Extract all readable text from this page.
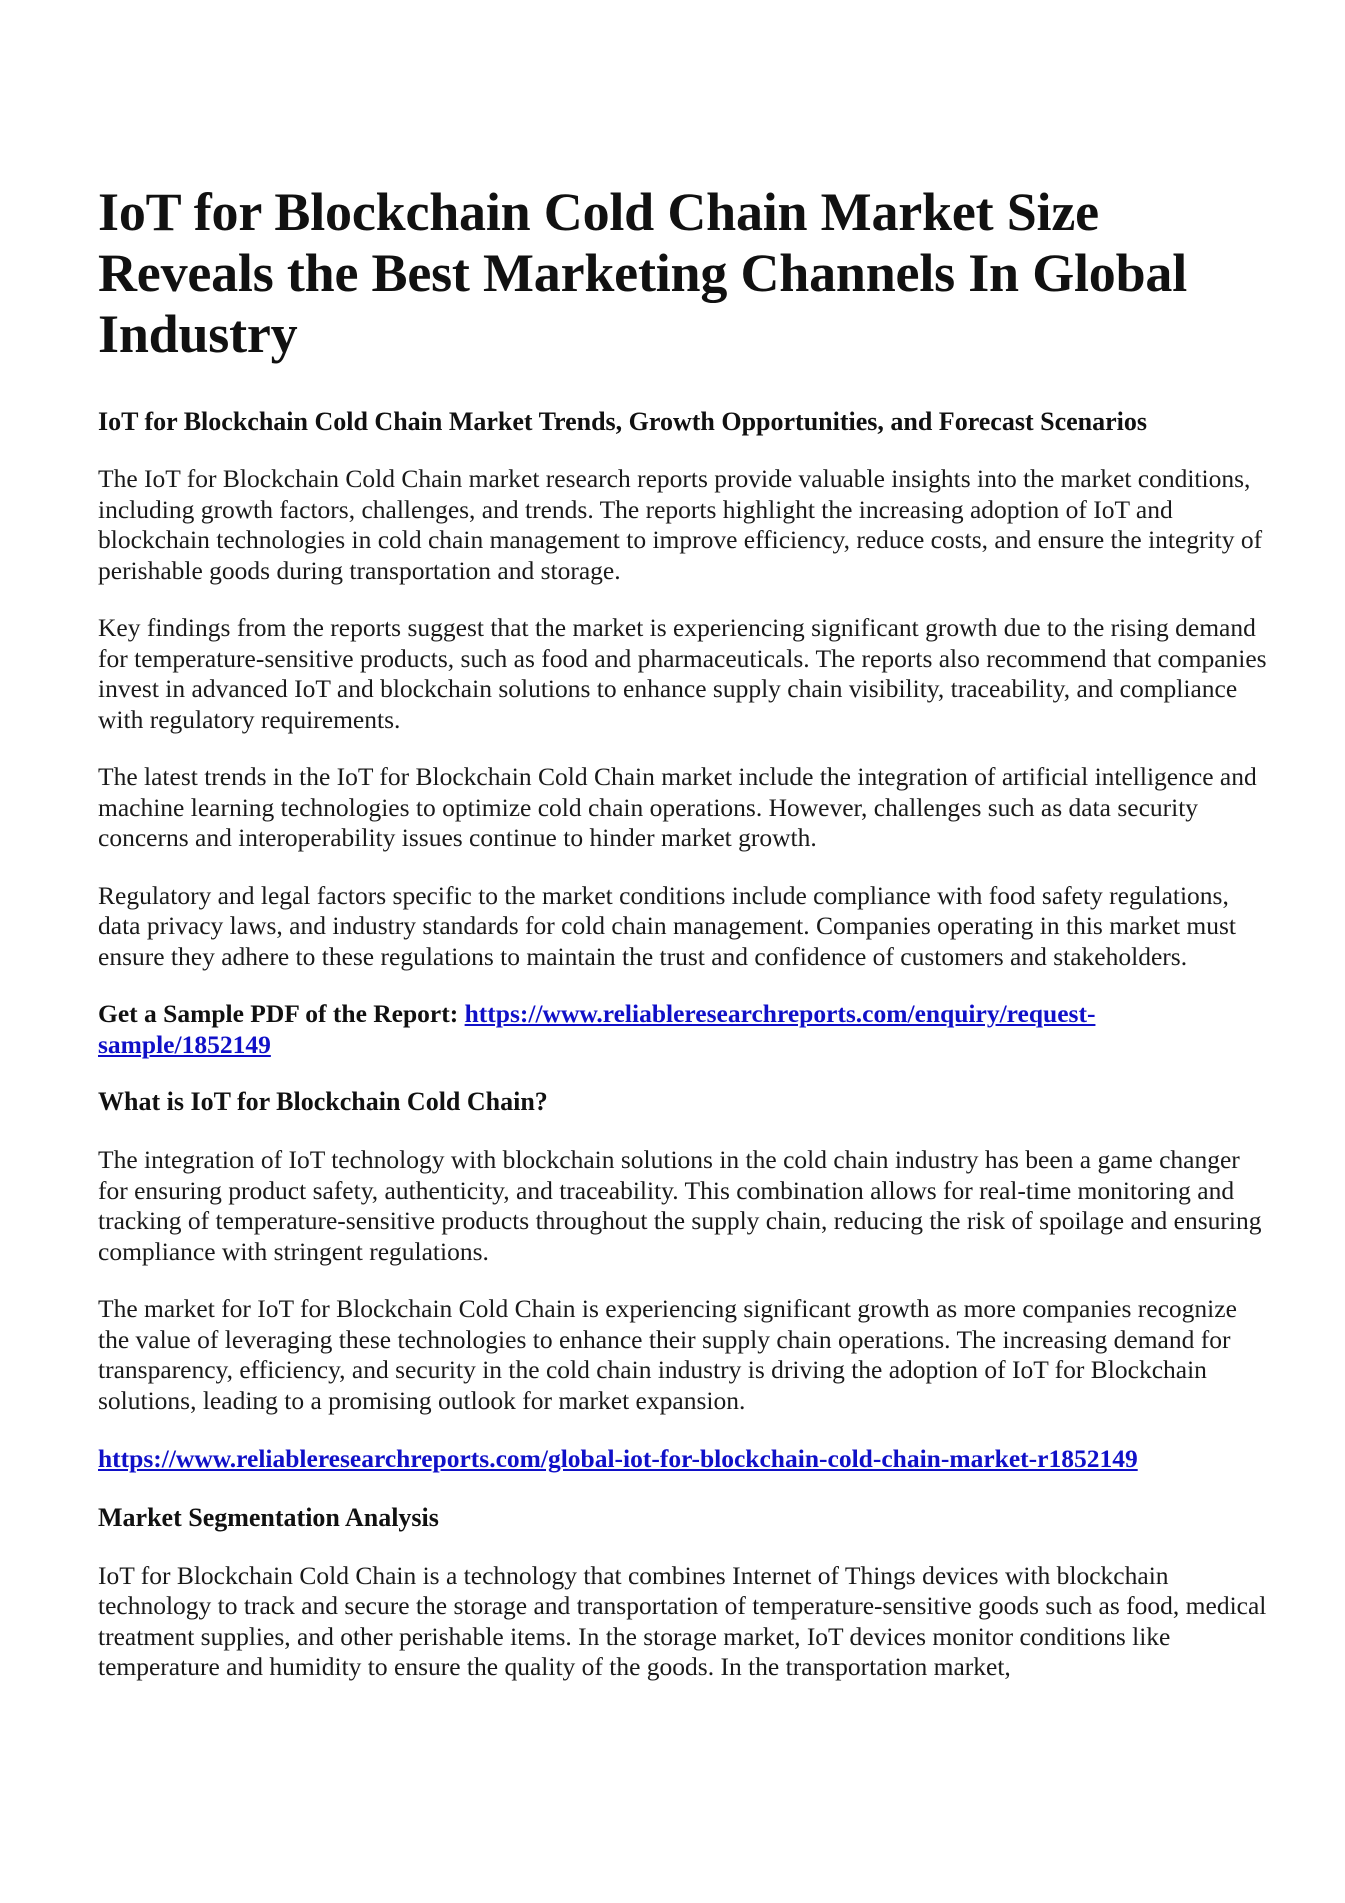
IoT for Blockchain Cold Chain Market Size Reveals the Best Marketing Channels In Global Industry
IoT for Blockchain Cold Chain Market Trends, Growth Opportunities, and Forecast Scenarios

The IoT for Blockchain Cold Chain market research reports provide valuable insights into the market conditions, including growth factors, challenges, and trends. The reports highlight the increasing adoption of IoT and blockchain technologies in cold chain management to improve efficiency, reduce costs, and ensure the integrity of perishable goods during transportation and storage.

Key findings from the reports suggest that the market is experiencing significant growth due to the rising demand for temperature-sensitive products, such as food and pharmaceuticals. The reports also recommend that companies invest in advanced IoT and blockchain solutions to enhance supply chain visibility, traceability, and compliance with regulatory requirements.

The latest trends in the IoT for Blockchain Cold Chain market include the integration of artificial intelligence and machine learning technologies to optimize cold chain operations. However, challenges such as data security concerns and interoperability issues continue to hinder market growth.

Regulatory and legal factors specific to the market conditions include compliance with food safety regulations, data privacy laws, and industry standards for cold chain management. Companies operating in this market must ensure they adhere to these regulations to maintain the trust and confidence of customers and stakeholders.

Get a Sample PDF of the Report: https://www.reliableresearchreports.com/enquiry/request-sample/1852149

What is IoT for Blockchain Cold Chain?

The integration of IoT technology with blockchain solutions in the cold chain industry has been a game changer for ensuring product safety, authenticity, and traceability. This combination allows for real-time monitoring and tracking of temperature-sensitive products throughout the supply chain, reducing the risk of spoilage and ensuring compliance with stringent regulations.

The market for IoT for Blockchain Cold Chain is experiencing significant growth as more companies recognize the value of leveraging these technologies to enhance their supply chain operations. The increasing demand for transparency, efficiency, and security in the cold chain industry is driving the adoption of IoT for Blockchain solutions, leading to a promising outlook for market expansion.

https://www.reliableresearchreports.com/global-iot-for-blockchain-cold-chain-market-r1852149

Market Segmentation Analysis

IoT for Blockchain Cold Chain is a technology that combines Internet of Things devices with blockchain technology to track and secure the storage and transportation of temperature-sensitive goods such as food, medical treatment supplies, and other perishable items. In the storage market, IoT devices monitor conditions like temperature and humidity to ensure the quality of the goods. In the transportation market,
